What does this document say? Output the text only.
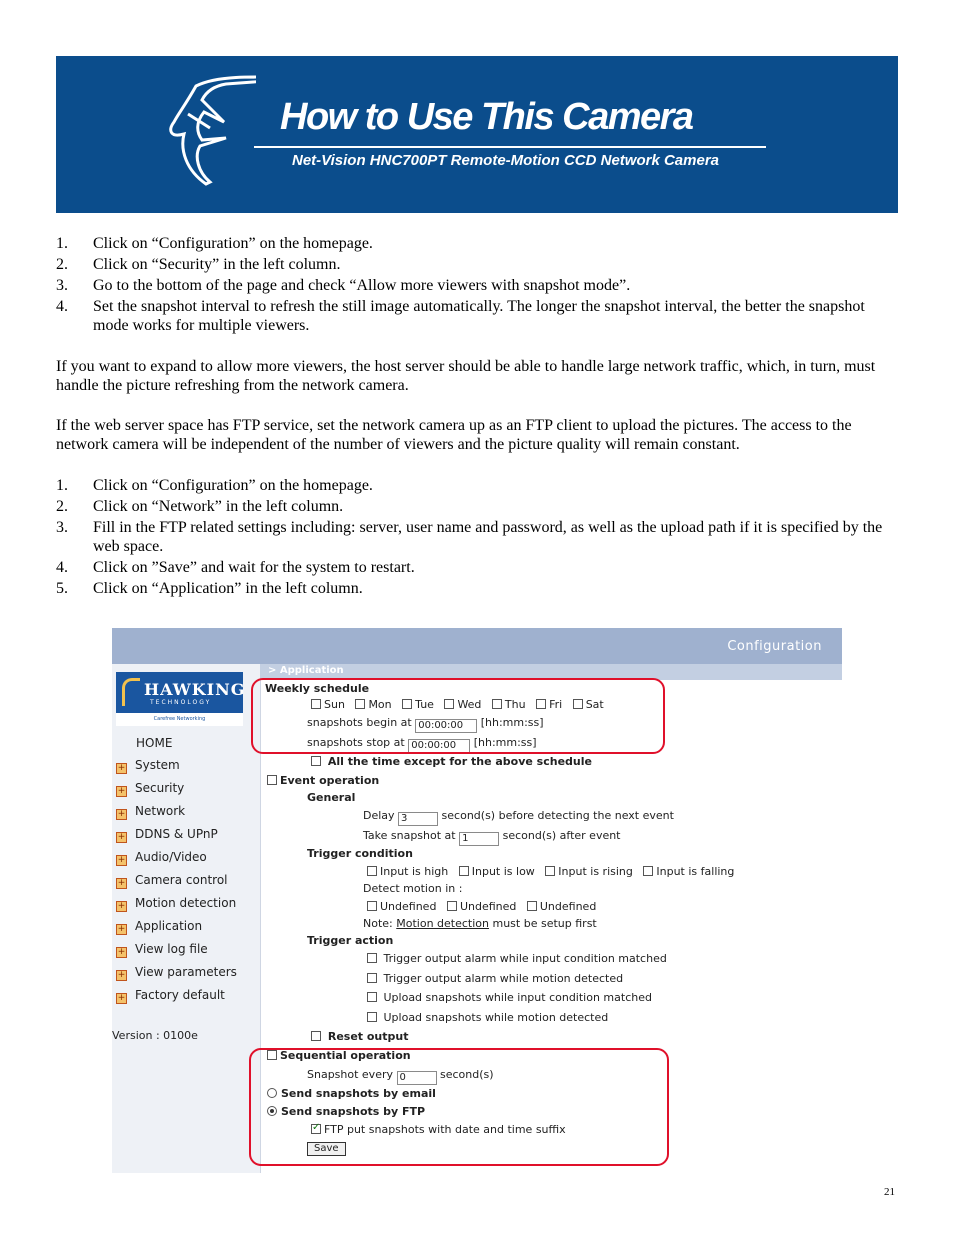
How to Use This Camera
Net-Vision HNC700PT Remote-Motion CCD Network Camera
1. Click on “Configuration” on the homepage.
2. Click on “Security” in the left column.
3. Go to the bottom of the page and check “Allow more viewers with snapshot mode”.
4. Set the snapshot interval to refresh the still image automatically. The longer the snapshot interval, the better the snapshot mode works for multiple viewers.

If you want to expand to allow more viewers, the host server should be able to handle large network traffic, which, in turn, must handle the picture refreshing from the network camera.

If the web server space has FTP service, set the network camera up as an FTP client to upload the pictures. The access to the network camera will be independent of the number of viewers and the picture quality will remain constant.

1. Click on “Configuration” on the homepage.
2. Click on “Network” in the left column.
3. Fill in the FTP related settings including: server, user name and password, as well as the upload path if it is specified by the web space.
4. Click on ”Save” and wait for the system to restart.
5. Click on “Application” in the left column.
Configuration
> Application
HAWKING
TECHNOLOGY
Carefree Networking
HOME
+ System
+ Security
+ Network
+ DDNS & UPnP
+ Audio/Video
+ Camera control
+ Motion detection
+ Application
+ View log file
+ View parameters
+ Factory default
Version : 0100e
Weekly schedule
Sun Mon Tue Wed Thu Fri Sat
snapshots begin at 00:00:00 [hh:mm:ss]
snapshots stop at 00:00:00 [hh:mm:ss]
All the time except for the above schedule
Event operation
General
Delay 3	second(s) before detecting the next event
Take snapshot at 1	second(s) after event
Trigger condition
Input is high Input is low Input is rising Input is falling
Detect motion in :
Undefined Undefined Undefined
Note: Motion detection must be setup first
Trigger action
Trigger output alarm while input condition matched
Trigger output alarm while motion detected
Upload snapshots while input condition matched
Upload snapshots while motion detected
Reset output
Sequential operation
Snapshot every 0	second(s)
Send snapshots by email
Send snapshots by FTP
✓FTP put snapshots with date and time suffix
Save
21
